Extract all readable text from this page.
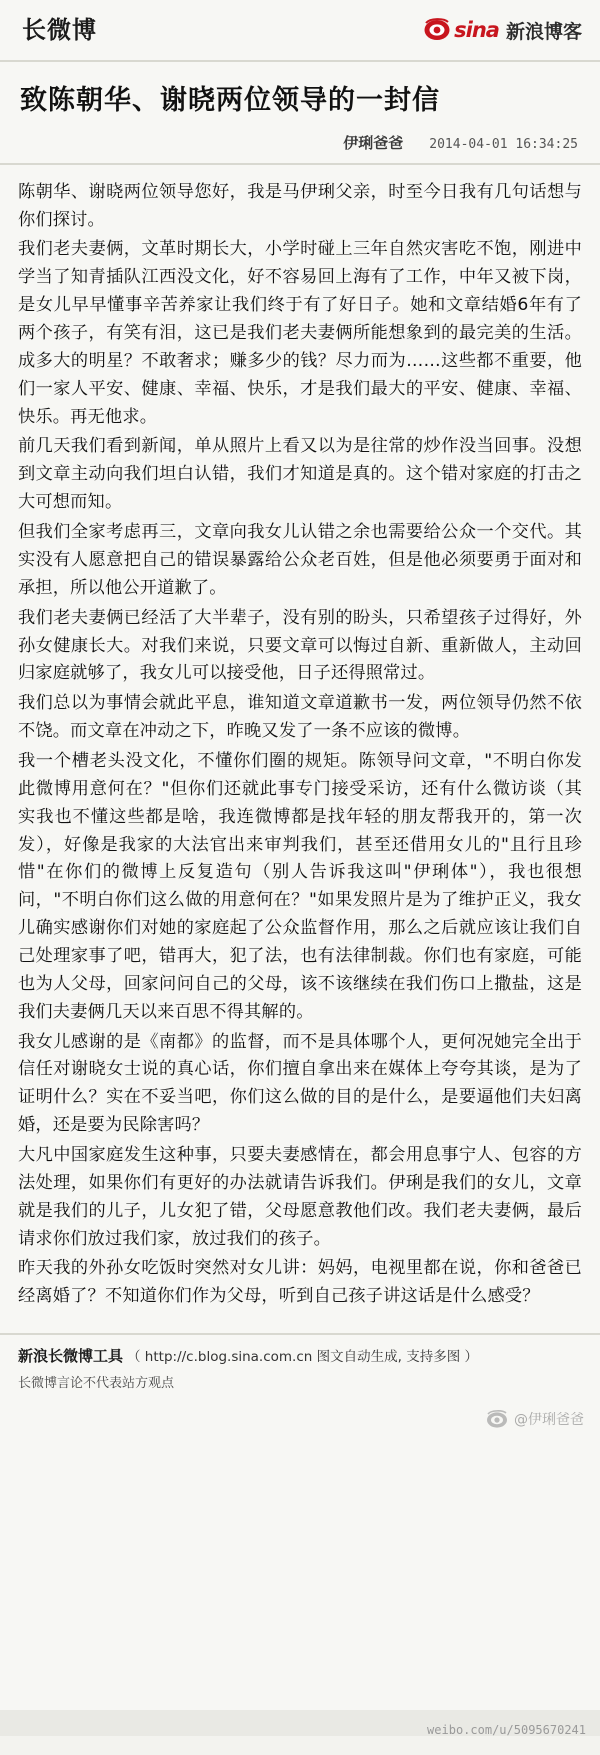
长微博	sina 新浪博客
致陈朝华、谢晓两位领导的一封信
伊琍爸爸 2014-04-01 16:34:25

陈朝华、谢晓两位领导您好，我是马伊琍父亲，时至今日我有几句话想与你们探讨。

我们老夫妻俩，文革时期长大，小学时碰上三年自然灾害吃不饱，刚进中学当了知青插队江西没文化，好不容易回上海有了工作，中年又被下岗，是女儿早早懂事辛苦养家让我们终于有了好日子。她和文章结婚6年有了两个孩子，有笑有泪，这已是我们老夫妻俩所能想象到的最完美的生活。成多大的明星？不敢奢求；赚多少的钱？尽力而为……这些都不重要，他们一家人平安、健康、幸福、快乐，才是我们最大的平安、健康、幸福、快乐。再无他求。

前几天我们看到新闻，单从照片上看又以为是往常的炒作没当回事。没想到文章主动向我们坦白认错，我们才知道是真的。这个错对家庭的打击之大可想而知。

但我们全家考虑再三，文章向我女儿认错之余也需要给公众一个交代。其实没有人愿意把自己的错误暴露给公众老百姓，但是他必须要勇于面对和承担，所以他公开道歉了。

我们老夫妻俩已经活了大半辈子，没有别的盼头，只希望孩子过得好，外孙女健康长大。对我们来说，只要文章可以悔过自新、重新做人，主动回归家庭就够了，我女儿可以接受他，日子还得照常过。

我们总以为事情会就此平息，谁知道文章道歉书一发，两位领导仍然不依不饶。而文章在冲动之下，昨晚又发了一条不应该的微博。

我一个槽老头没文化，不懂你们圈的规矩。陈领导问文章，"不明白你发此微博用意何在？"但你们还就此事专门接受采访，还有什么微访谈（其实我也不懂这些都是啥，我连微博都是找年轻的朋友帮我开的，第一次发），好像是我家的大法官出来审判我们，甚至还借用女儿的"且行且珍惜"在你们的微博上反复造句（别人告诉我这叫"伊琍体"），我也很想问，"不明白你们这么做的用意何在？"如果发照片是为了维护正义，我女儿确实感谢你们对她的家庭起了公众监督作用，那么之后就应该让我们自己处理家事了吧，错再大，犯了法，也有法律制裁。你们也有家庭，可能也为人父母，回家问问自己的父母，该不该继续在我们伤口上撒盐，这是我们夫妻俩几天以来百思不得其解的。

我女儿感谢的是《南都》的监督，而不是具体哪个人，更何况她完全出于信任对谢晓女士说的真心话，你们擅自拿出来在媒体上夸夸其谈，是为了证明什么？实在不妥当吧，你们这么做的目的是什么，是要逼他们夫妇离婚，还是要为民除害吗？

大凡中国家庭发生这种事，只要夫妻感情在，都会用息事宁人、包容的方法处理，如果你们有更好的办法就请告诉我们。伊琍是我们的女儿，文章就是我们的儿子，儿女犯了错，父母愿意教他们改。我们老夫妻俩，最后请求你们放过我们家，放过我们的孩子。

昨天我的外孙女吃饭时突然对女儿讲：妈妈，电视里都在说，你和爸爸已经离婚了？不知道你们作为父母，听到自己孩子讲这话是什么感受？

新浪长微博工具 （ http://c.blog.sina.com.cn 图文自动生成, 支持多图 ）
长微博言论不代表站方观点
@伊琍爸爸
weibo.com/u/5095670241
